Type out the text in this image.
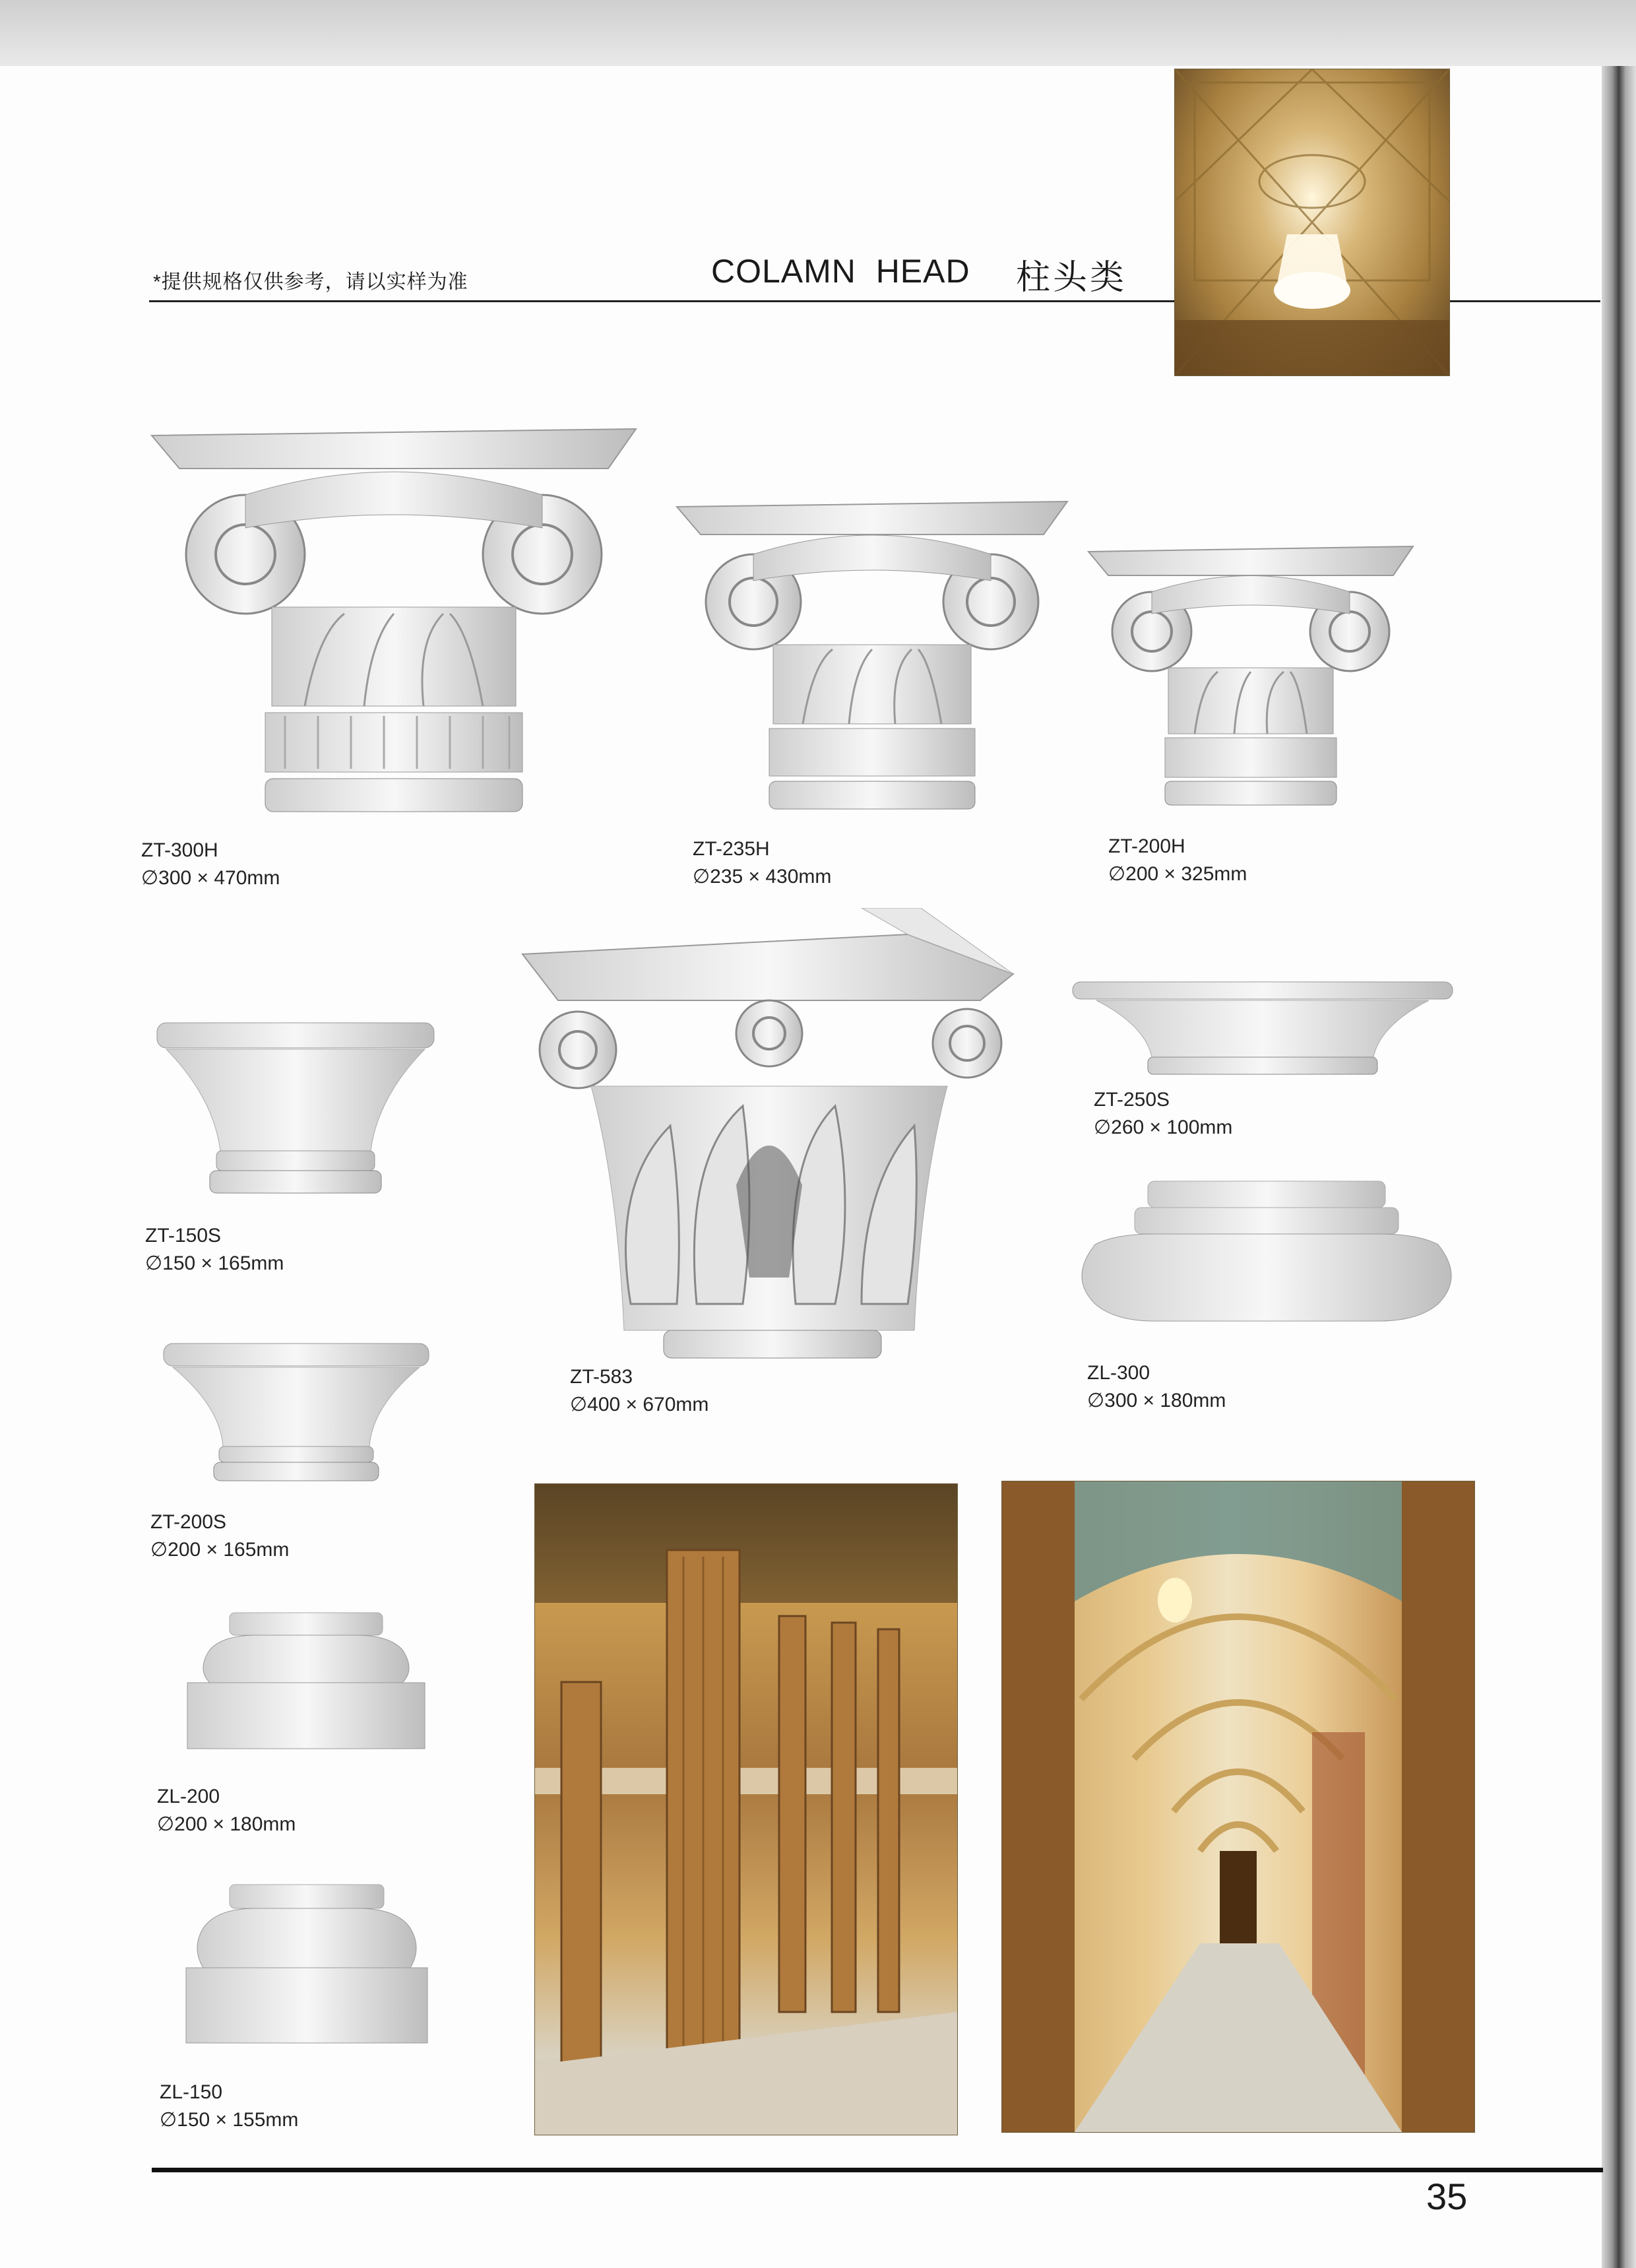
*提供规格仅供参考，请以实样为准	COLAMN  HEAD 柱头类
ZT-300H
∅300 × 470mm
ZT-235H
∅235 × 430mm
ZT-200H
∅200 × 325mm
ZT-150S
∅150 × 165mm
ZT-583
∅400 × 670mm
ZT-250S
∅260 × 100mm
ZL-300
∅300 × 180mm
ZT-200S
∅200 × 165mm
ZL-200
∅200 × 180mm
ZL-150
∅150 × 155mm
35
